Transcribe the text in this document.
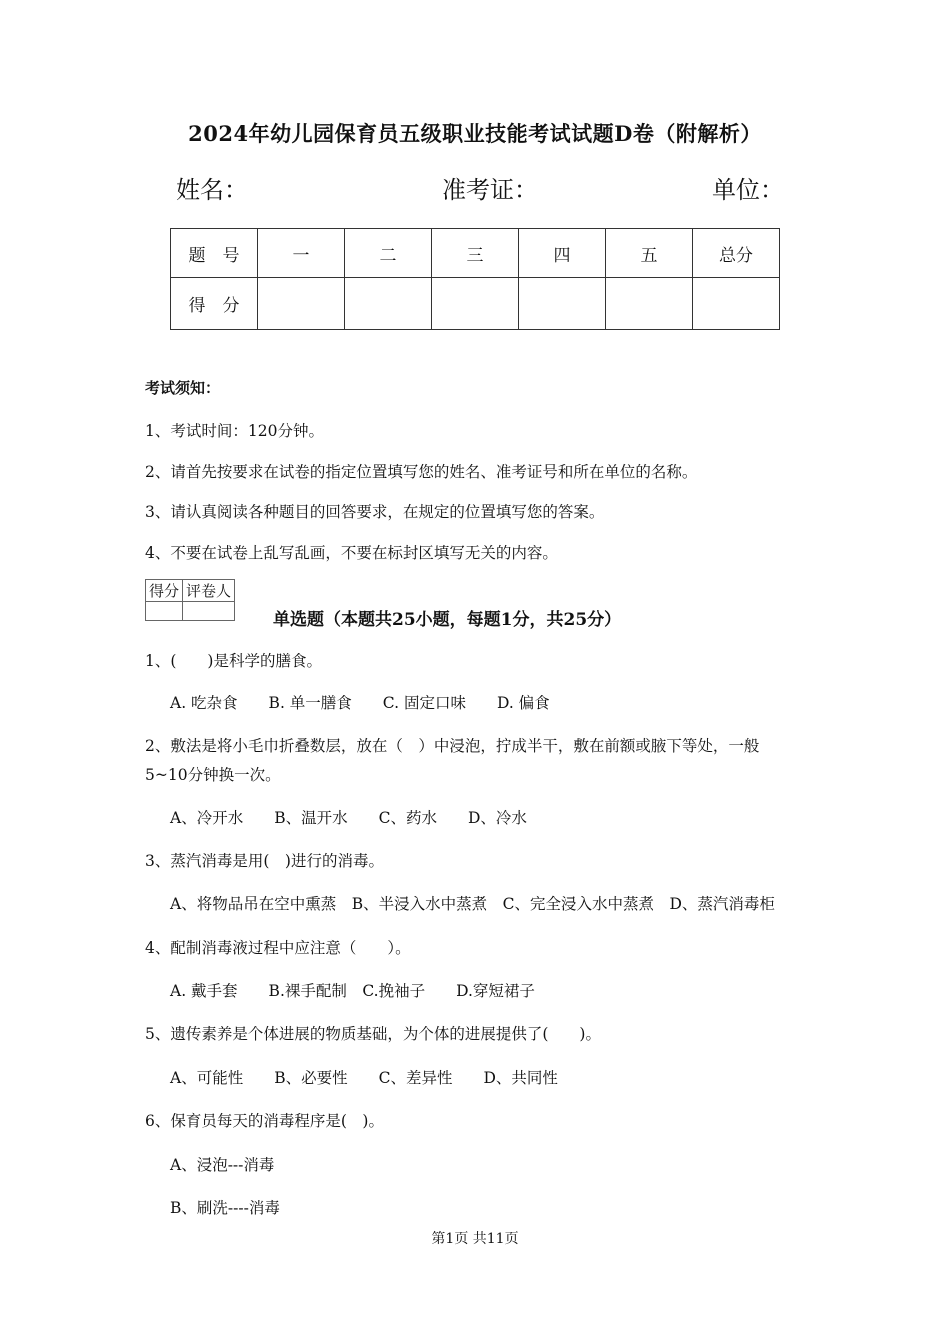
2024年幼儿园保育员五级职业技能考试试题D卷（附解析）
姓名：	准考证：	单位：
题　号	一	二	三	四	五	总分
得　分						
考试须知：
1、考试时间：120分钟。
2、请首先按要求在试卷的指定位置填写您的姓名、准考证号和所在单位的名称。
3、请认真阅读各种题目的回答要求，在规定的位置填写您的答案。
4、不要在试卷上乱写乱画，不要在标封区填写无关的内容。
得分	评卷人

单选题（本题共25小题，每题1分，共25分）
1、(　　)是科学的膳食。
A. 吃杂食　　B. 单一膳食　　C. 固定口味　　D. 偏食
2、敷法是将小毛巾折叠数层，放在（　）中浸泡，拧成半干，敷在前额或腋下等处，一般
5~10分钟换一次。
A、冷开水　　B、温开水　　C、药水　　D、冷水
3、蒸汽消毒是用(　)进行的消毒。
A、将物品吊在空中熏蒸　B、半浸入水中蒸煮　C、完全浸入水中蒸煮　D、蒸汽消毒柜
4、配制消毒液过程中应注意（　　）。
A. 戴手套　　B.裸手配制　C.挽袖子　　D.穿短裙子
5、遗传素养是个体进展的物质基础，为个体的进展提供了(　　)。
A、可能性　　B、必要性　　C、差异性　　D、共同性
6、保育员每天的消毒程序是(　)。
A、浸泡---消毒
B、刷洗----消毒
第1页 共11页
